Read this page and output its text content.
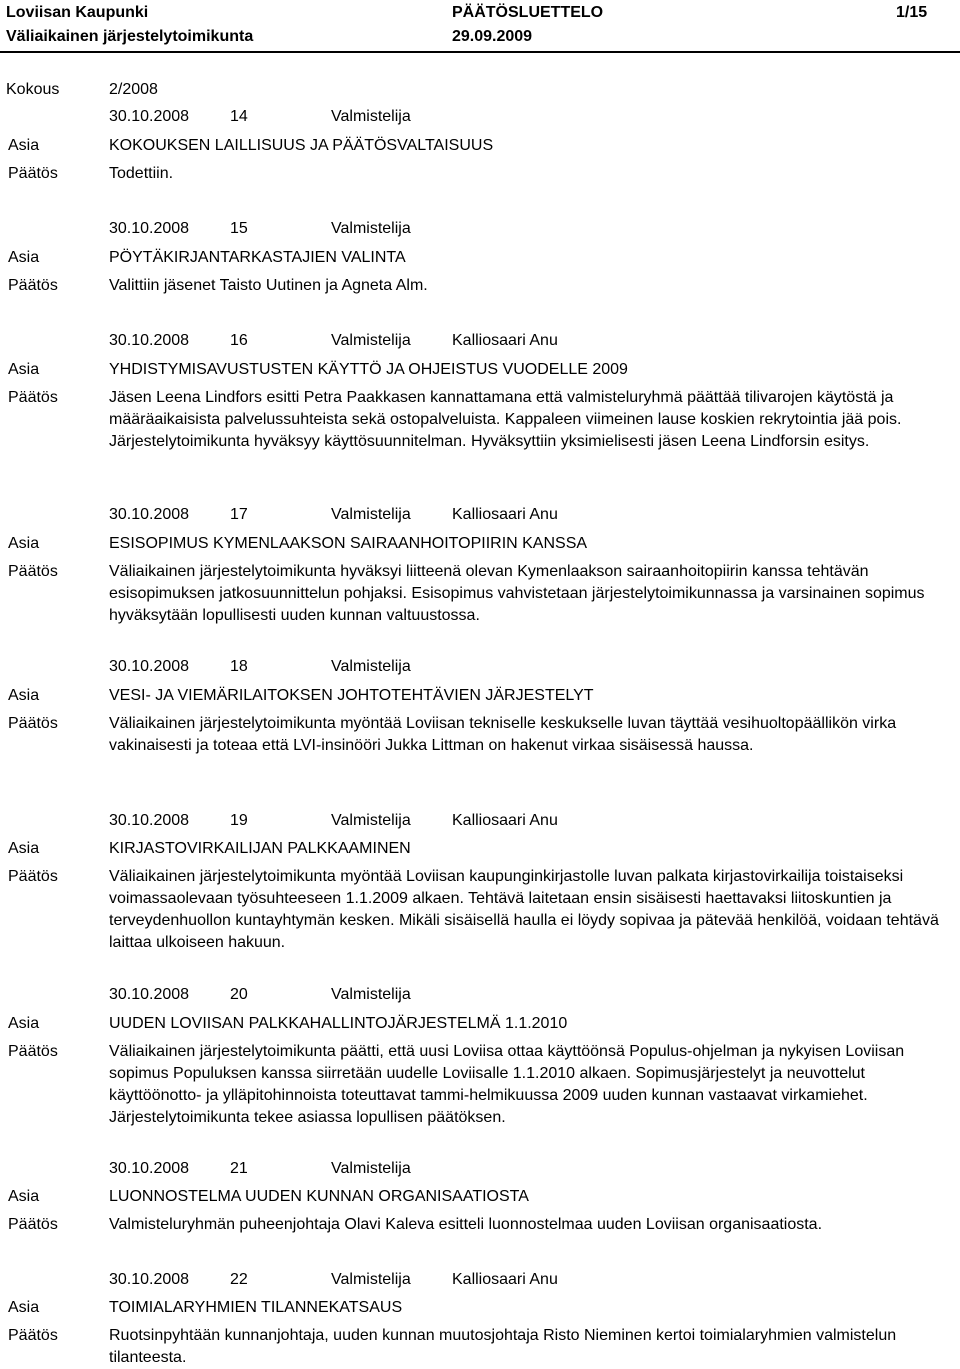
Loviisan Kaupunki	PÄÄTÖSLUETTELO	1/15
Väliaikainen järjestelytoimikunta	29.09.2009
Kokous	2/2008
30.10.2008	14	Valmistelija
Asia	KOKOUKSEN LAILLISUUS JA PÄÄTÖSVALTAISUUS
Päätös	Todettiin.
30.10.2008	15	Valmistelija
Asia	PÖYTÄKIRJANTARKASTAJIEN VALINTA
Päätös	Valittiin jäsenet Taisto Uutinen ja Agneta Alm.
30.10.2008	16	Valmistelija	Kalliosaari Anu
Asia	YHDISTYMISAVUSTUSTEN KÄYTTÖ JA OHJEISTUS VUODELLE 2009
Päätös	Jäsen Leena Lindfors esitti Petra Paakkasen kannattamana että valmisteluryhmä päättää tilivarojen käytöstä ja määräaikaisista palvelussuhteista sekä ostopalveluista. Kappaleen viimeinen lause koskien rekrytointia jää pois. Järjestelytoimikunta hyväksyy käyttösuunnitelman. Hyväksyttiin yksimielisesti jäsen Leena Lindforsin esitys.
30.10.2008	17	Valmistelija	Kalliosaari Anu
Asia	ESISOPIMUS KYMENLAAKSON SAIRAANHOITOPIIRIN KANSSA
Päätös	Väliaikainen järjestelytoimikunta hyväksyi liitteenä olevan Kymenlaakson sairaanhoitopiirin kanssa tehtävän esisopimuksen jatkosuunnittelun pohjaksi. Esisopimus vahvistetaan järjestelytoimikunnassa ja varsinainen sopimus hyväksytään lopullisesti uuden kunnan valtuustossa.
30.10.2008	18	Valmistelija
Asia	VESI- JA VIEMÄRILAITOKSEN JOHTOTEHTÄVIEN JÄRJESTELYT
Päätös	Väliaikainen järjestelytoimikunta myöntää Loviisan tekniselle keskukselle luvan täyttää vesihuoltopäällikön virka vakinaisesti ja toteaa että LVI-insinööri Jukka Littman on hakenut virkaa sisäisessä haussa.
30.10.2008	19	Valmistelija	Kalliosaari Anu
Asia	KIRJASTOVIRKAILIJAN PALKKAAMINEN
Päätös	Väliaikainen järjestelytoimikunta myöntää Loviisan kaupunginkirjastolle luvan palkata kirjastovirkailija toistaiseksi voimassaolevaan työsuhteeseen 1.1.2009 alkaen. Tehtävä laitetaan ensin sisäisesti haettavaksi liitoskuntien ja terveydenhuollon kuntayhtymän kesken. Mikäli sisäisellä haulla ei löydy sopivaa ja pätevää henkilöä, voidaan tehtävä laittaa ulkoiseen hakuun.
30.10.2008	20	Valmistelija
Asia	UUDEN LOVIISAN PALKKAHALLINTOJÄRJESTELMÄ 1.1.2010
Päätös	Väliaikainen järjestelytoimikunta päätti, että uusi Loviisa ottaa käyttöönsä Populus-ohjelman ja nykyisen Loviisan sopimus Populuksen kanssa siirretään uudelle Loviisalle 1.1.2010 alkaen. Sopimusjärjestelyt ja neuvottelut käyttöönotto- ja ylläpitohinnoista toteuttavat tammi-helmikuussa 2009 uuden kunnan vastaavat virkamiehet. Järjestelytoimikunta tekee asiassa lopullisen päätöksen.
30.10.2008	21	Valmistelija
Asia	LUONNOSTELMA UUDEN KUNNAN ORGANISAATIOSTA
Päätös	Valmisteluryhmän puheenjohtaja Olavi Kaleva esitteli luonnostelmaa uuden Loviisan organisaatiosta.
30.10.2008	22	Valmistelija	Kalliosaari Anu
Asia	TOIMIALARYHMIEN TILANNEKATSAUS
Päätös	Ruotsinpyhtään kunnanjohtaja, uuden kunnan muutosjohtaja Risto Nieminen kertoi toimialaryhmien valmistelun tilanteesta.
